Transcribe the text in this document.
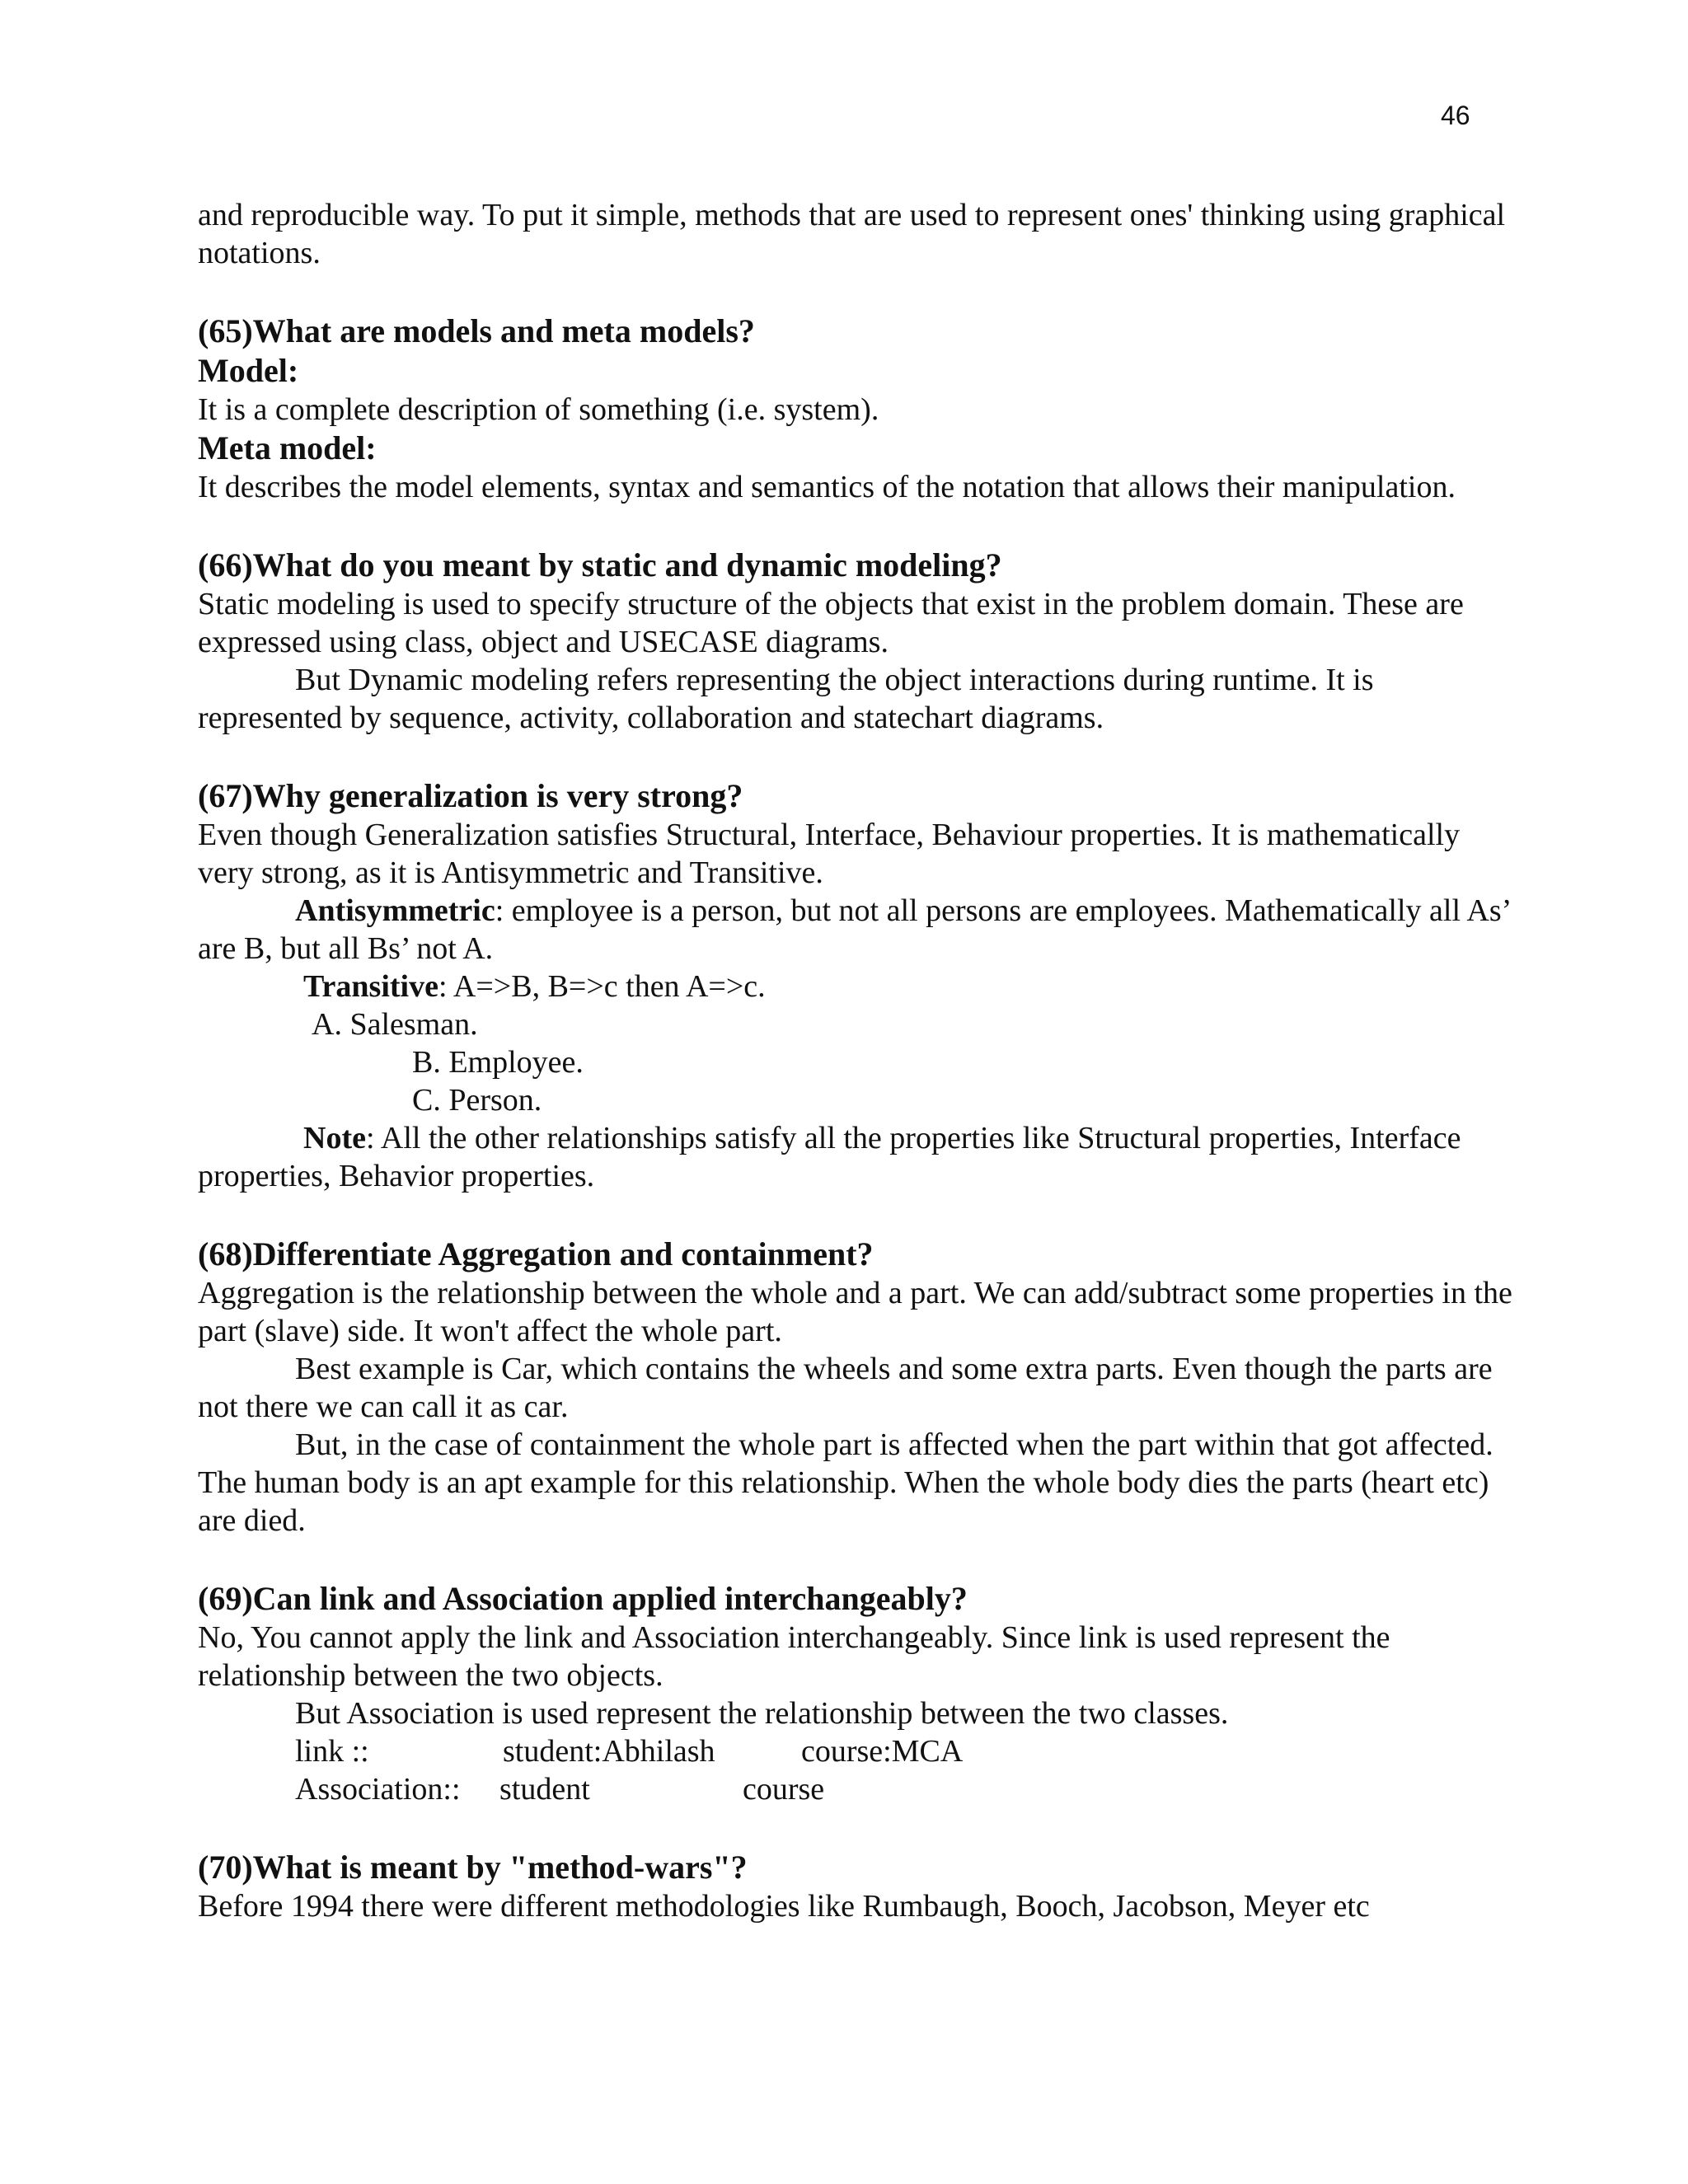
46

and reproducible way. To put it simple, methods that are used to represent ones' thinking using graphical notations.

(65)What are models and meta models?

Model:

It is a complete description of something (i.e. system).

Meta model:

It describes the model elements, syntax and semantics of the notation that allows their manipulation.

(66)What do you meant by static and dynamic modeling?

Static modeling is used to specify structure of the objects that exist in the problem domain. These are expressed using class, object and USECASE diagrams.

But Dynamic modeling refers representing the object interactions during runtime. It is represented by sequence, activity, collaboration and statechart diagrams.

(67)Why generalization is very strong?

Even though Generalization satisfies Structural, Interface, Behaviour properties. It is mathematically very strong, as it is Antisymmetric and Transitive.

Antisymmetric: employee is a person, but not all persons are employees. Mathematically all As’ are B, but all Bs’ not A.

Transitive: A=>B, B=>c then A=>c.

A. Salesman.

B. Employee.

C. Person.

Note: All the other relationships satisfy all the properties like Structural properties, Interface properties, Behavior properties.

(68)Differentiate Aggregation and containment?

Aggregation is the relationship between the whole and a part. We can add/subtract some properties in the part (slave) side. It won't affect the whole part.

Best example is Car, which contains the wheels and some extra parts. Even though the parts are not there we can call it as car.

But, in the case of containment the whole part is affected when the part within that got affected. The human body is an apt example for this relationship. When the whole body dies the parts (heart etc) are died.

(69)Can link and Association applied interchangeably?

No, You cannot apply the link and Association interchangeably. Since link is used represent the relationship between the two objects.

But Association is used represent the relationship between the two classes.

link ::	student:Abhilash	course:MCA
Association::	student	course

(70)What is meant by "method-wars"?

Before 1994 there were different methodologies like Rumbaugh, Booch, Jacobson, Meyer etc
